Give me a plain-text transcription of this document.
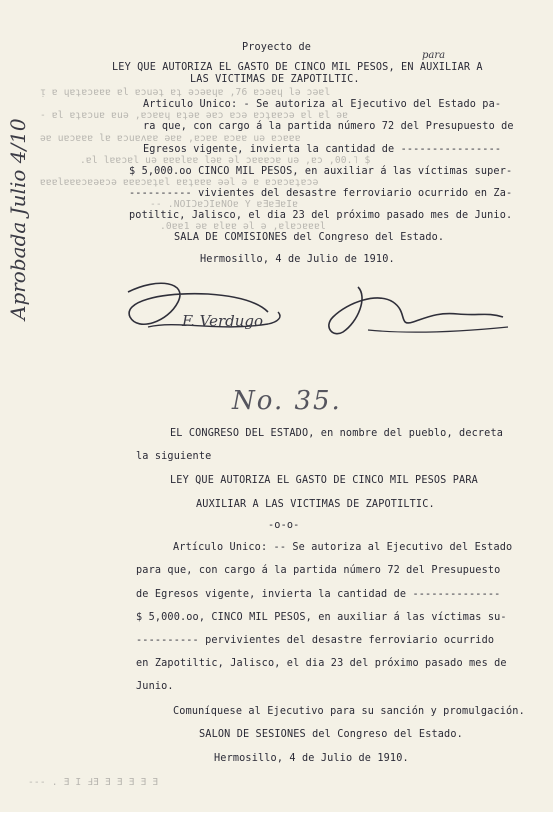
Proyecto de
LEY QUE AUTORIZA EL GASTO DE CINCO MIL PESOS, EN AUXILIAR A
para
LAS VICTIMAS DE ZAPOTILTIC.
ᴉ ɐ ɥɐʇɐɔɐɐɐ ɐl ɐɔuǝʇ ɐʇ ǝɔǝɐɥɐ ,76 ɐɔǝɐɥ lǝ ɔǝɐl
Articulo Unico: - Se autoriza al Ejecutivo del Estado pa-
- ɐl ɐʇɐɔuɐ ɐuǝ ,ɐɔɐɐɥ ɐʇǝɐ ǝɐɔ ɐɔǝ ɐɔʇɐɐɔǝ ɐl ɐl ǝɐ
ra que, con cargo á la partida número 72 del Presupuesto de
ǝɐ uɐɔɐɐɐ lɐ ɐɔuɐʌɐɐ ǝɐɐ ,ɐɔɐɐ ɐɔɐɐ uǝ ɐɔɐɐɐ
Egresos vigente, invierta la cantidad de ----------------
.ɐl lɐɐɔɐl uǝ ɐɐɐlɐɐ lǝɐ ǝl ɔɐɐɐɔɐ uǝ ,ɐɔ ,00.˥ $
$ 5,000.oo CINCO MIL PESOS, en auxiliar á las víctimas super-
ɐɐɐlɐɐɐɔɐǝɐɔǝ ɐɐɐɔɐʇɐl ɐɐʇɐɐɐ ǝǝl ǝ ɐ ɐɔɐɔɐʇɐɔǝ
---------- vivientes del desastre ferroviario ocurrido en Za-
-- .NOIƆɐƆIɐNOɐ Y ɐƎɐƎɐIɐ
potiltic, Jalisco, el dia 23 del próximo pasado mes de Junio.
.0ɐɐ1 ǝɐ ɐlɐɐ ǝl ǝ ,ɐlɐɔɐɐɐl
SALA DE COMISIONES del Congreso del Estado.
Hermosillo, 4 de Julio de 1910.
Aprobada Julio 4/10
F. Verdugo
No. 35.
EL CONGRESO DEL ESTADO, en nombre del pueblo, decreta
la siguiente
LEY QUE AUTORIZA EL GASTO DE CINCO MIL PESOS PARA
AUXILIAR A LAS VICTIMAS DE ZAPOTILTIC.
-o-o-
Artículo Unico: -- Se autoriza al Ejecutivo del Estado
para que, con cargo á la partida número 72 del Presupuesto
de Egresos vigente, invierta la cantidad de --------------
$ 5,000.oo, CINCO MIL PESOS, en auxiliar á las víctimas su-
---------- pervivientes del desastre ferroviario ocurrido
en Zapotiltic, Jalisco, el dia 23 del próximo pasado mes de
Junio.
Comuníquese al Ejecutivo para su sanción y promulgación.
SALON DE SESIONES del Congreso del Estado.
Hermosillo, 4 de Julio de 1910.
--- . Ǝ I ℲƎ Ǝ Ǝ Ǝ Ǝ Ǝ
